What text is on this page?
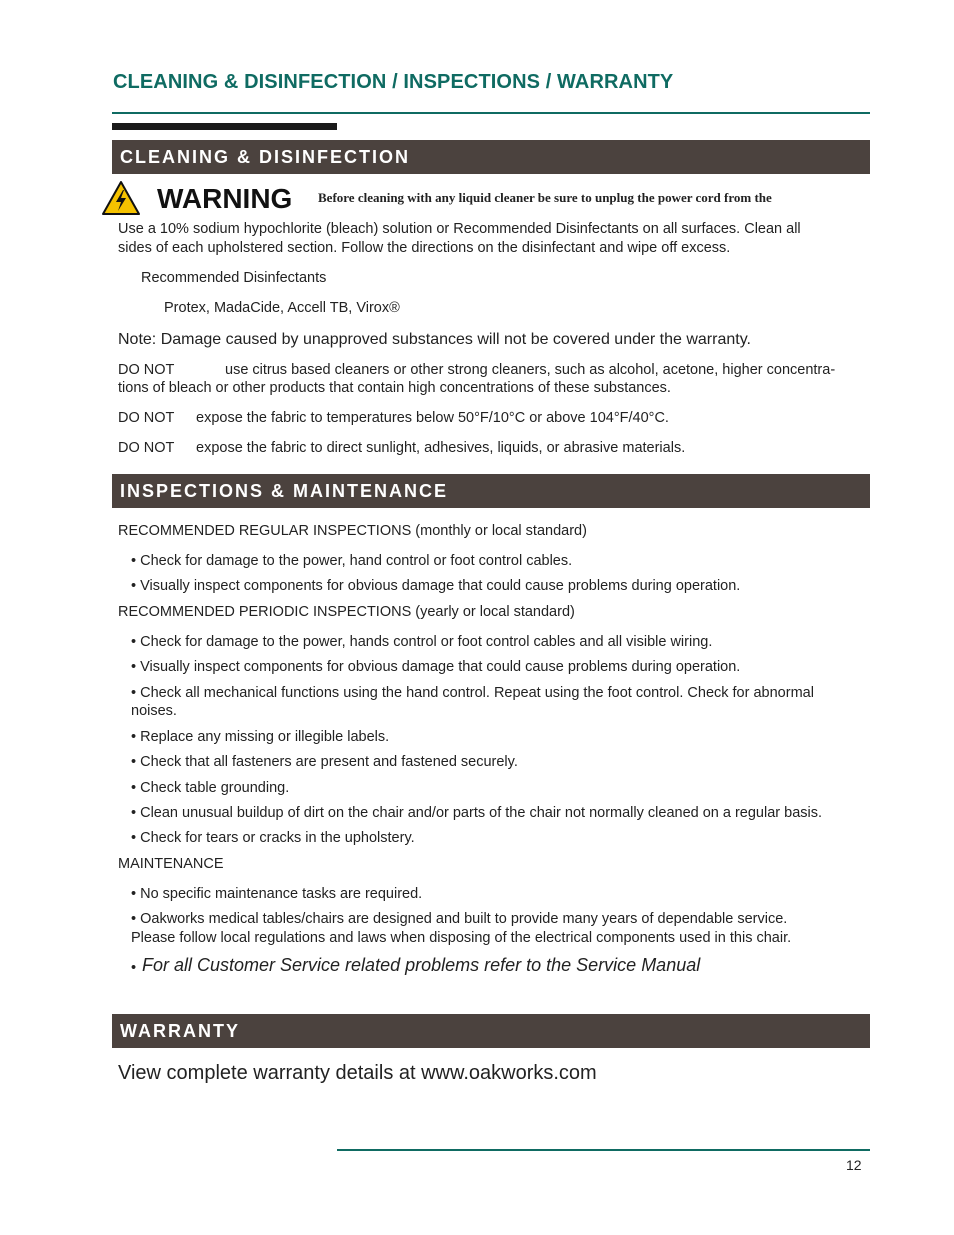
CLEANING & DISINFECTION / INSPECTIONS / WARRANTY
CLEANING & DISINFECTION
WARNING Before cleaning with any liquid cleaner be sure to unplug the power cord from the
Use a 10% sodium hypochlorite (bleach) solution or Recommended Disinfectants on all surfaces. Clean all
sides of each upholstered section. Follow the directions on the disinfectant and wipe off excess.
Recommended Disinfectants
Protex, MadaCide, Accell TB, Virox®
Note: Damage caused by unapproved substances will not be covered under the warranty.
DO NOT	use citrus based cleaners or other strong cleaners, such as alcohol, acetone, higher concentra-
tions of bleach or other products that contain high concentrations of these substances.
DO NOT expose the fabric to temperatures below 50°F/10°C or above 104°F/40°C.
DO NOT expose the fabric to direct sunlight, adhesives, liquids, or abrasive materials.
INSPECTIONS & MAINTENANCE
RECOMMENDED REGULAR INSPECTIONS (monthly or local standard)
• Check for damage to the power, hand control or foot control cables.
• Visually inspect components for obvious damage that could cause problems during operation.
RECOMMENDED PERIODIC INSPECTIONS (yearly or local standard)
• Check for damage to the power, hands control or foot control cables and all visible wiring.
• Visually inspect components for obvious damage that could cause problems during operation.
• Check all mechanical functions using the hand control. Repeat using the foot control. Check for abnormal
noises.
• Replace any missing or illegible labels.
• Check that all fasteners are present and fastened securely.
• Check table grounding.
• Clean unusual buildup of dirt on the chair and/or parts of the chair not normally cleaned on a regular basis.
• Check for tears or cracks in the upholstery.
MAINTENANCE
• No specific maintenance tasks are required.
• Oakworks medical tables/chairs are designed and built to provide many years of dependable service.
Please follow local regulations and laws when disposing of the electrical components used in this chair.
• For all Customer Service related problems refer to the Service Manual
WARRANTY
View complete warranty details at www.oakworks.com
12
